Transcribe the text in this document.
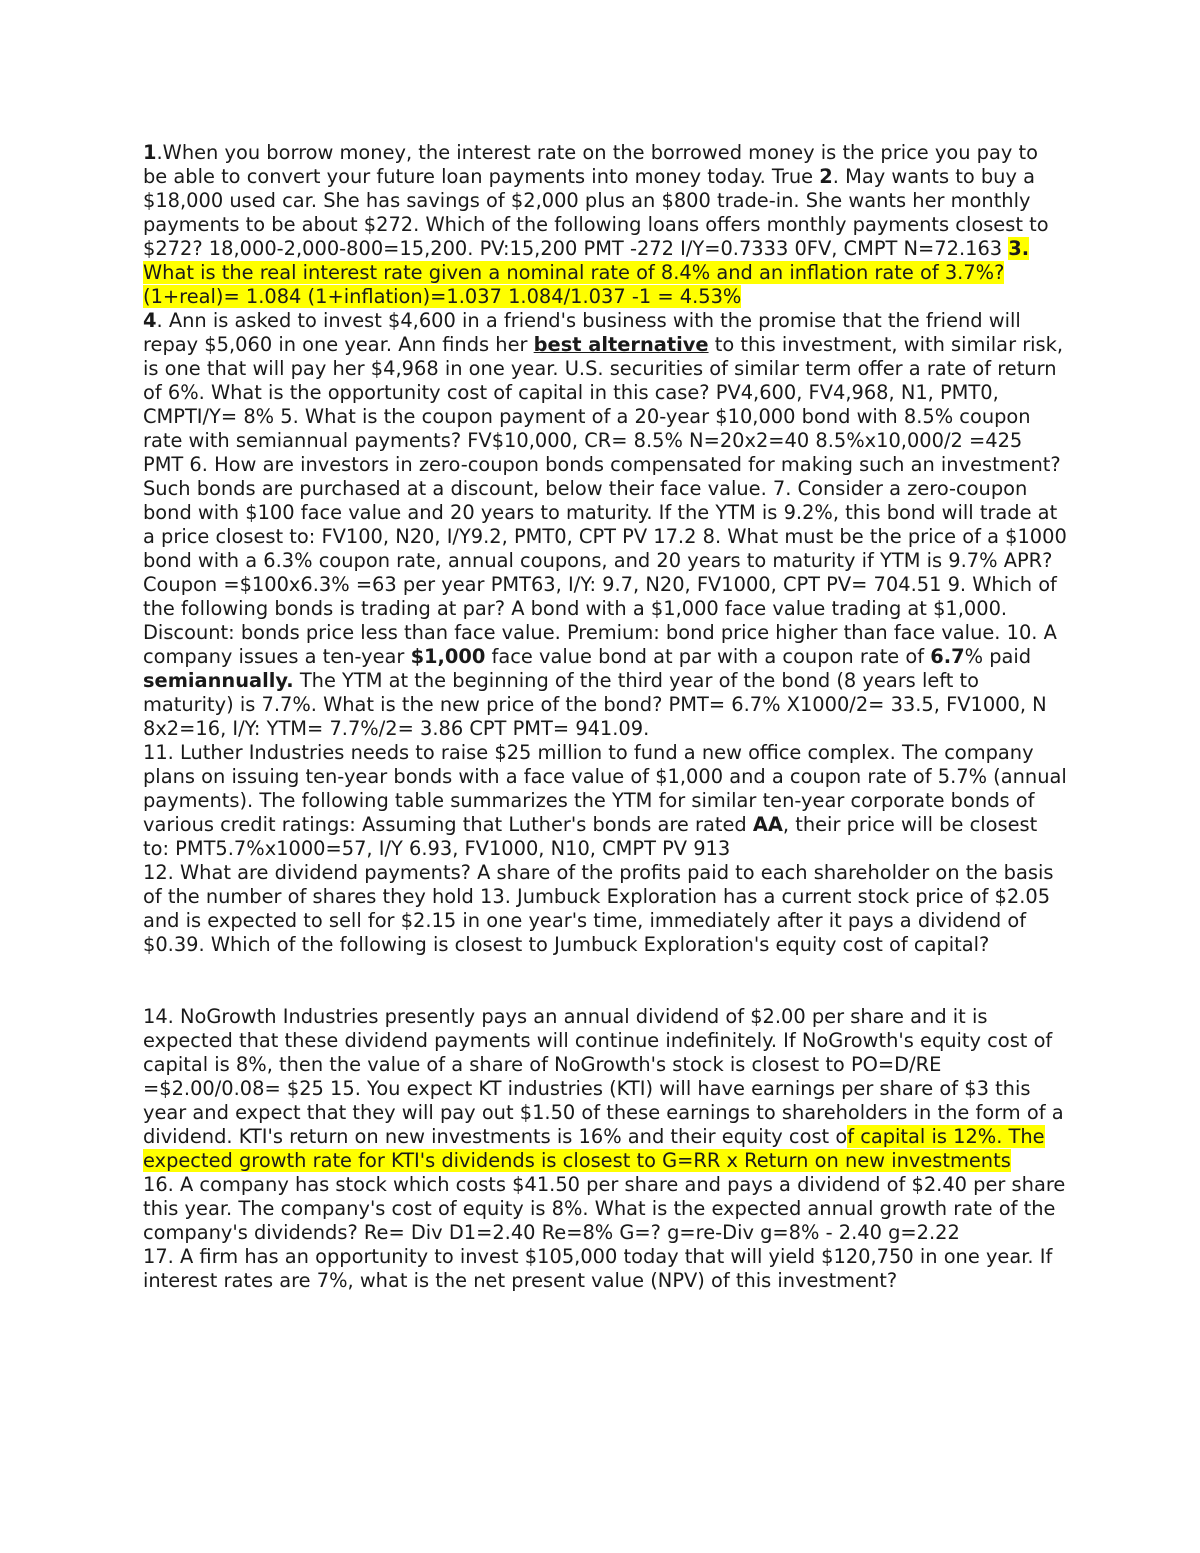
1.When you borrow money, the interest rate on the borrowed money is the price you pay to be able to convert your future loan payments into money today. True 2. May wants to buy a $18,000 used car. She has savings of $2,000 plus an $800 trade-in. She wants her monthly payments to be about $272. Which of the following loans offers monthly payments closest to $272? 18,000-2,000-800=15,200. PV:15,200 PMT -272 I/Y=0.7333 0FV, CMPT N=72.163 3. What is the real interest rate given a nominal rate of 8.4% and an inflation rate of 3.7%? (1+real)= 1.084 (1+inflation)=1.037 1.084/1.037 -1 = 4.53%

4. Ann is asked to invest $4,600 in a friend's business with the promise that the friend will repay $5,060 in one year. Ann finds her best alternative to this investment, with similar risk, is one that will pay her $4,968 in one year. U.S. securities of similar term offer a rate of return of 6%. What is the opportunity cost of capital in this case? PV4,600, FV4,968, N1, PMT0, CMPTI/Y= 8% 5. What is the coupon payment of a 20-year $10,000 bond with 8.5% coupon rate with semiannual payments? FV$10,000, CR= 8.5% N=20x2=40 8.5%x10,000/2 =425 PMT 6. How are investors in zero-coupon bonds compensated for making such an investment? Such bonds are purchased at a discount, below their face value. 7. Consider a zero-coupon bond with $100 face value and 20 years to maturity. If the YTM is 9.2%, this bond will trade at a price closest to: FV100, N20, I/Y9.2, PMT0, CPT PV 17.2 8. What must be the price of a $1000 bond with a 6.3% coupon rate, annual coupons, and 20 years to maturity if YTM is 9.7% APR? Coupon =$100x6.3% =63 per year PMT63, I/Y: 9.7, N20, FV1000, CPT PV= 704.51 9. Which of the following bonds is trading at par? A bond with a $1,000 face value trading at $1,000. Discount: bonds price less than face value. Premium: bond price higher than face value. 10. A company issues a ten-year $1,000 face value bond at par with a coupon rate of 6.7% paid semiannually. The YTM at the beginning of the third year of the bond (8 years left to maturity) is 7.7%. What is the new price of the bond? PMT= 6.7% X1000/2= 33.5, FV1000, N 8x2=16, I/Y: YTM= 7.7%/2= 3.86 CPT PMT= 941.09.

11. Luther Industries needs to raise $25 million to fund a new office complex. The company plans on issuing ten-year bonds with a face value of $1,000 and a coupon rate of 5.7% (annual payments). The following table summarizes the YTM for similar ten-year corporate bonds of various credit ratings: Assuming that Luther's bonds are rated AA, their price will be closest to: PMT5.7%x1000=57, I/Y 6.93, FV1000, N10, CMPT PV 913

12. What are dividend payments? A share of the profits paid to each shareholder on the basis of the number of shares they hold 13. Jumbuck Exploration has a current stock price of $2.05 and is expected to sell for $2.15 in one year's time, immediately after it pays a dividend of $0.39. Which of the following is closest to Jumbuck Exploration's equity cost of capital?

14. NoGrowth Industries presently pays an annual dividend of $2.00 per share and it is expected that these dividend payments will continue indefinitely. If NoGrowth's equity cost of capital is 8%, then the value of a share of NoGrowth's stock is closest to PO=D/RE =$2.00/0.08= $25 15. You expect KT industries (KTI) will have earnings per share of $3 this year and expect that they will pay out $1.50 of these earnings to shareholders in the form of a dividend. KTI's return on new investments is 16% and their equity cost of capital is 12%. The expected growth rate for KTI's dividends is closest to G=RR x Return on new investments

16. A company has stock which costs $41.50 per share and pays a dividend of $2.40 per share this year. The company's cost of equity is 8%. What is the expected annual growth rate of the company's dividends? Re= Div D1=2.40 Re=8% G=? g=re-Div g=8% - 2.40 g=2.22

17. A firm has an opportunity to invest $105,000 today that will yield $120,750 in one year. If interest rates are 7%, what is the net present value (NPV) of this investment?
